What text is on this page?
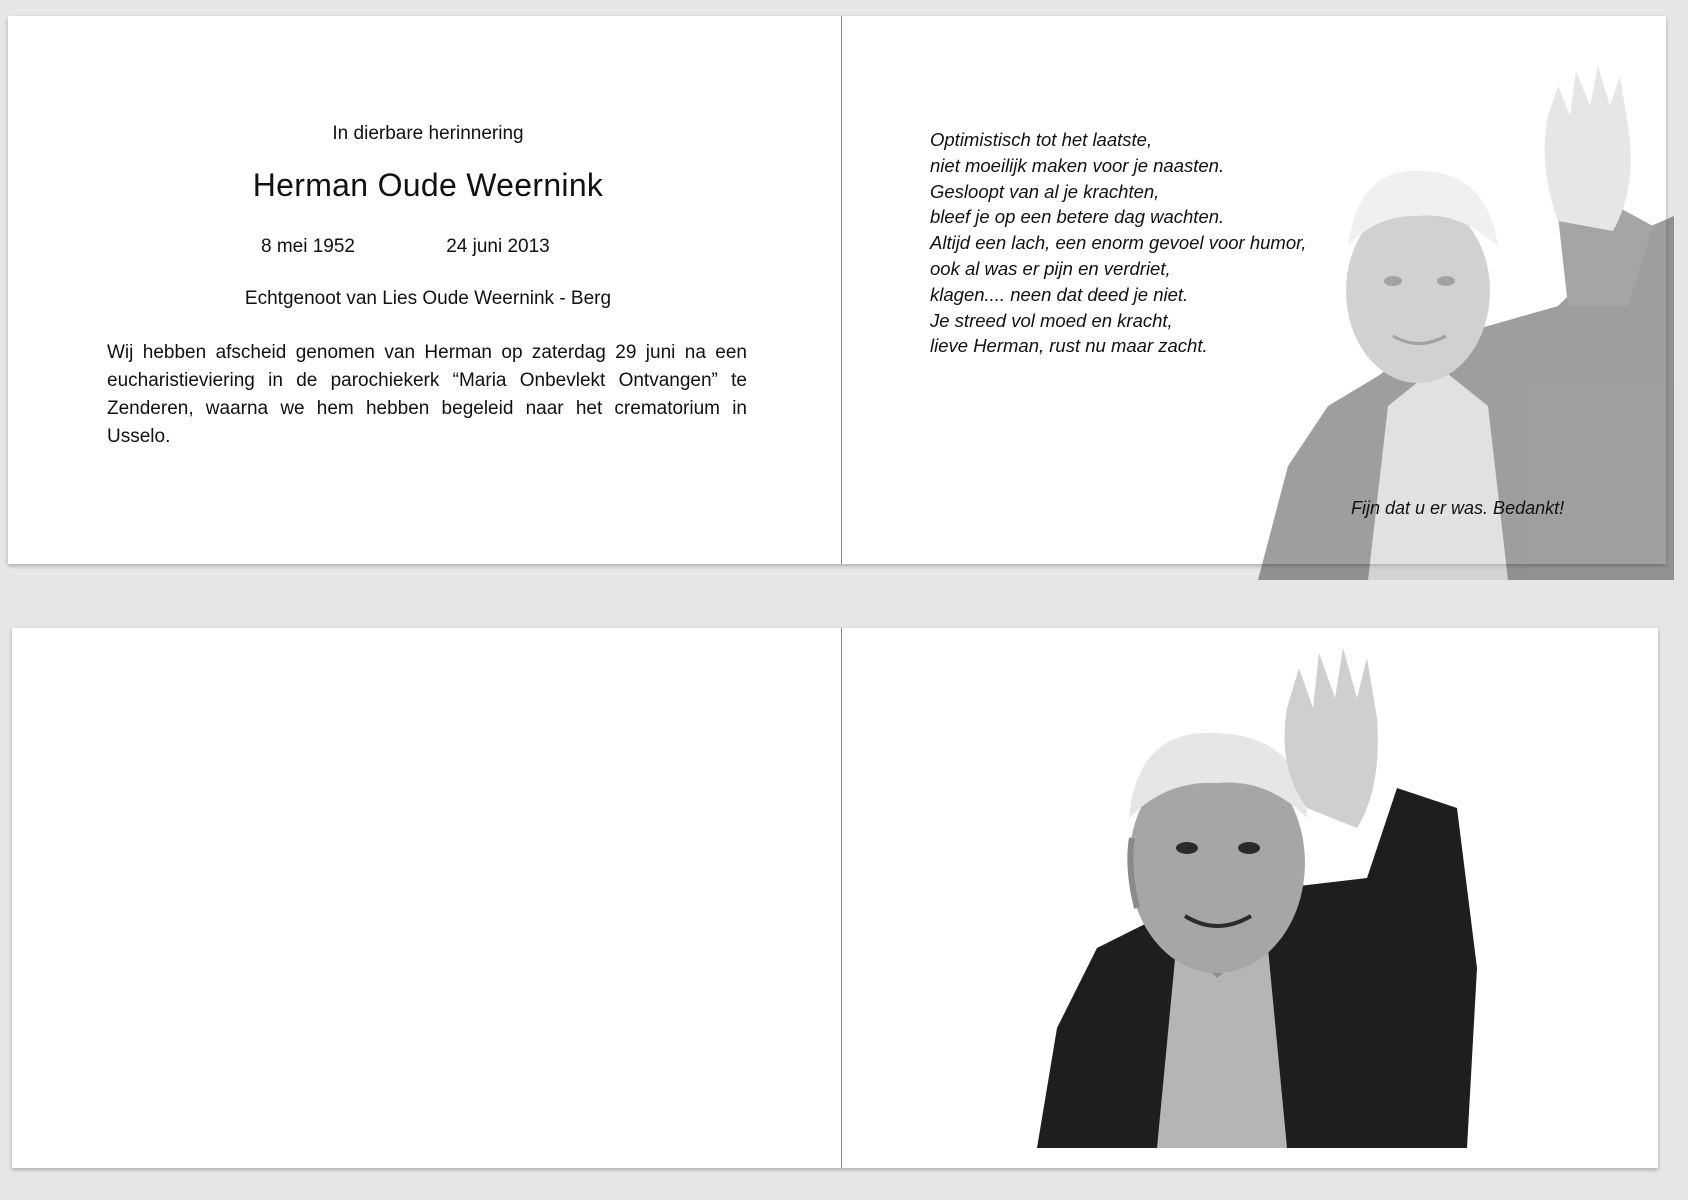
In dierbare herinnering
Herman Oude Weernink
8 mei 1952	24 juni 2013
Echtgenoot van Lies Oude Weernink - Berg
Wij hebben afscheid genomen van Herman op zaterdag 29 juni na een eucharistieviering in de parochiekerk “Maria Onbevlekt Ontvangen” te Zenderen, waarna we hem hebben begeleid naar het crematorium in Usselo.
Fijn dat u er was. Bedankt!
Optimistisch tot het laatste,
niet moeilijk maken voor je naasten.
Gesloopt van al je krachten,
bleef je op een betere dag wachten.
Altijd een lach, een enorm gevoel voor humor,
ook al was er pijn en verdriet,
klagen.... neen dat deed je niet.
Je streed vol moed en kracht,
lieve Herman, rust nu maar zacht.
